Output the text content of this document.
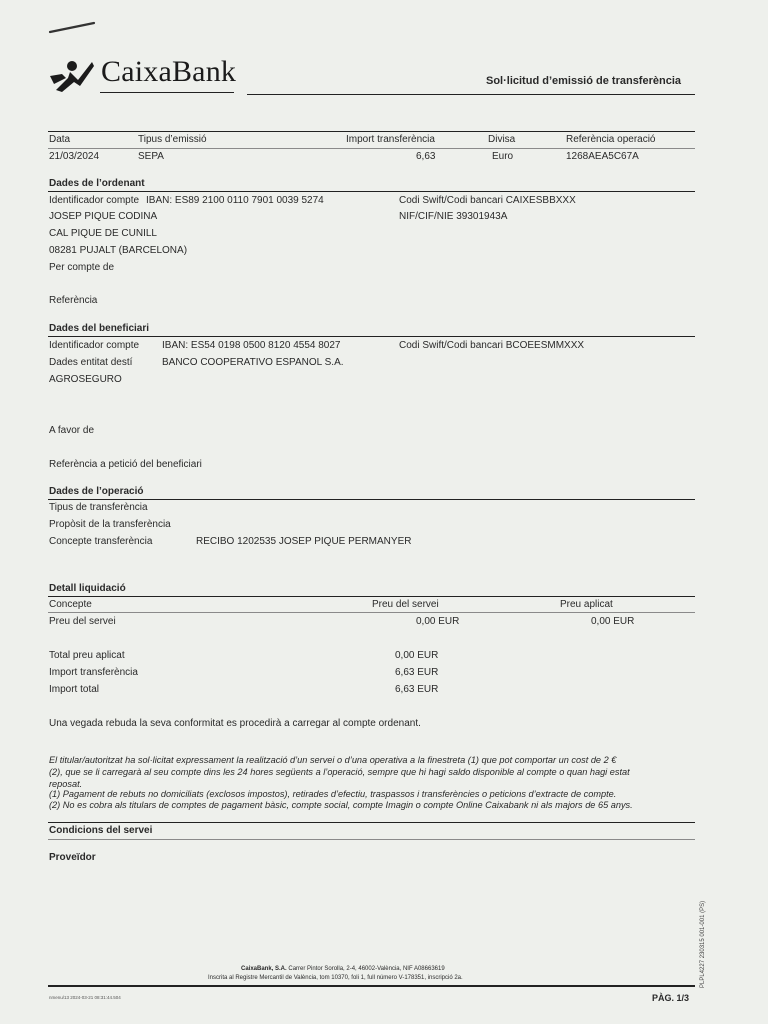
CaixaBank	Sol·licitud d’emissió de transferència
Data	Tipus d’emissió	Import transferència	Divisa	Referència operació
21/03/2024	SEPA	6,63	Euro	1268AEA5C67A
Dades de l’ordenant
Identificador compte IBAN: ES89 2100 0110 7901 0039 5274	Codi Swift/Codi bancari CAIXESBBXXX
JOSEP PIQUE CODINA	NIF/CIF/NIE 39301943A
CAL PIQUE DE CUNILL
08281 PUJALT (BARCELONA)
Per compte de
Referència
Dades del beneficiari
Identificador compte IBAN: ES54 0198 0500 8120 4554 8027	Codi Swift/Codi bancari BCOEESMMXXX
Dades entitat destí	BANCO COOPERATIVO ESPANOL S.A.
AGROSEGURO
A favor de
Referència a petició del beneficiari
Dades de l’operació
Tipus de transferència
Propòsit de la transferència
Concepte transferència	RECIBO 1202535 JOSEP PIQUE PERMANYER
Detall liquidació
Concepte	Preu del servei	Preu aplicat
Preu del servei	0,00 EUR	0,00 EUR
Total preu aplicat	0,00 EUR
Import transferència	6,63 EUR
Import total	6,63 EUR
Una vegada rebuda la seva conformitat es procedirà a carregar al compte ordenant.
El titular/autoritzat ha sol·licitat expressament la realització d’un servei o d’una operativa a la finestreta (1) que pot comportar un cost de 2 €
(2), que se li carregarà al seu compte dins les 24 hores següents a l’operació, sempre que hi hagi saldo disponible al compte o quan hagi estat
reposat.
(1) Pagament de rebuts no domiciliats (exclosos impostos), retirades d’efectiu, traspassos i transferències o peticions d’extracte de compte.
(2) No es cobra als titulars de comptes de pagament bàsic, compte social, compte Imagin o compte Online Caixabank ni als majors de 65 anys.
Condicions del servei
Proveïdor
CaixaBank, S.A. Carrer Pintor Sorolla, 2-4, 46002-València, NIF A08663619
Inscrita al Registre Mercantil de València, tom 10370, foli 1, full número V-178351, inscripció 2a.
nmenu/13 2024-03-21 08:31:44.504	PÀG. 1/3
PLPL4227 230315 001-001 (PS)
